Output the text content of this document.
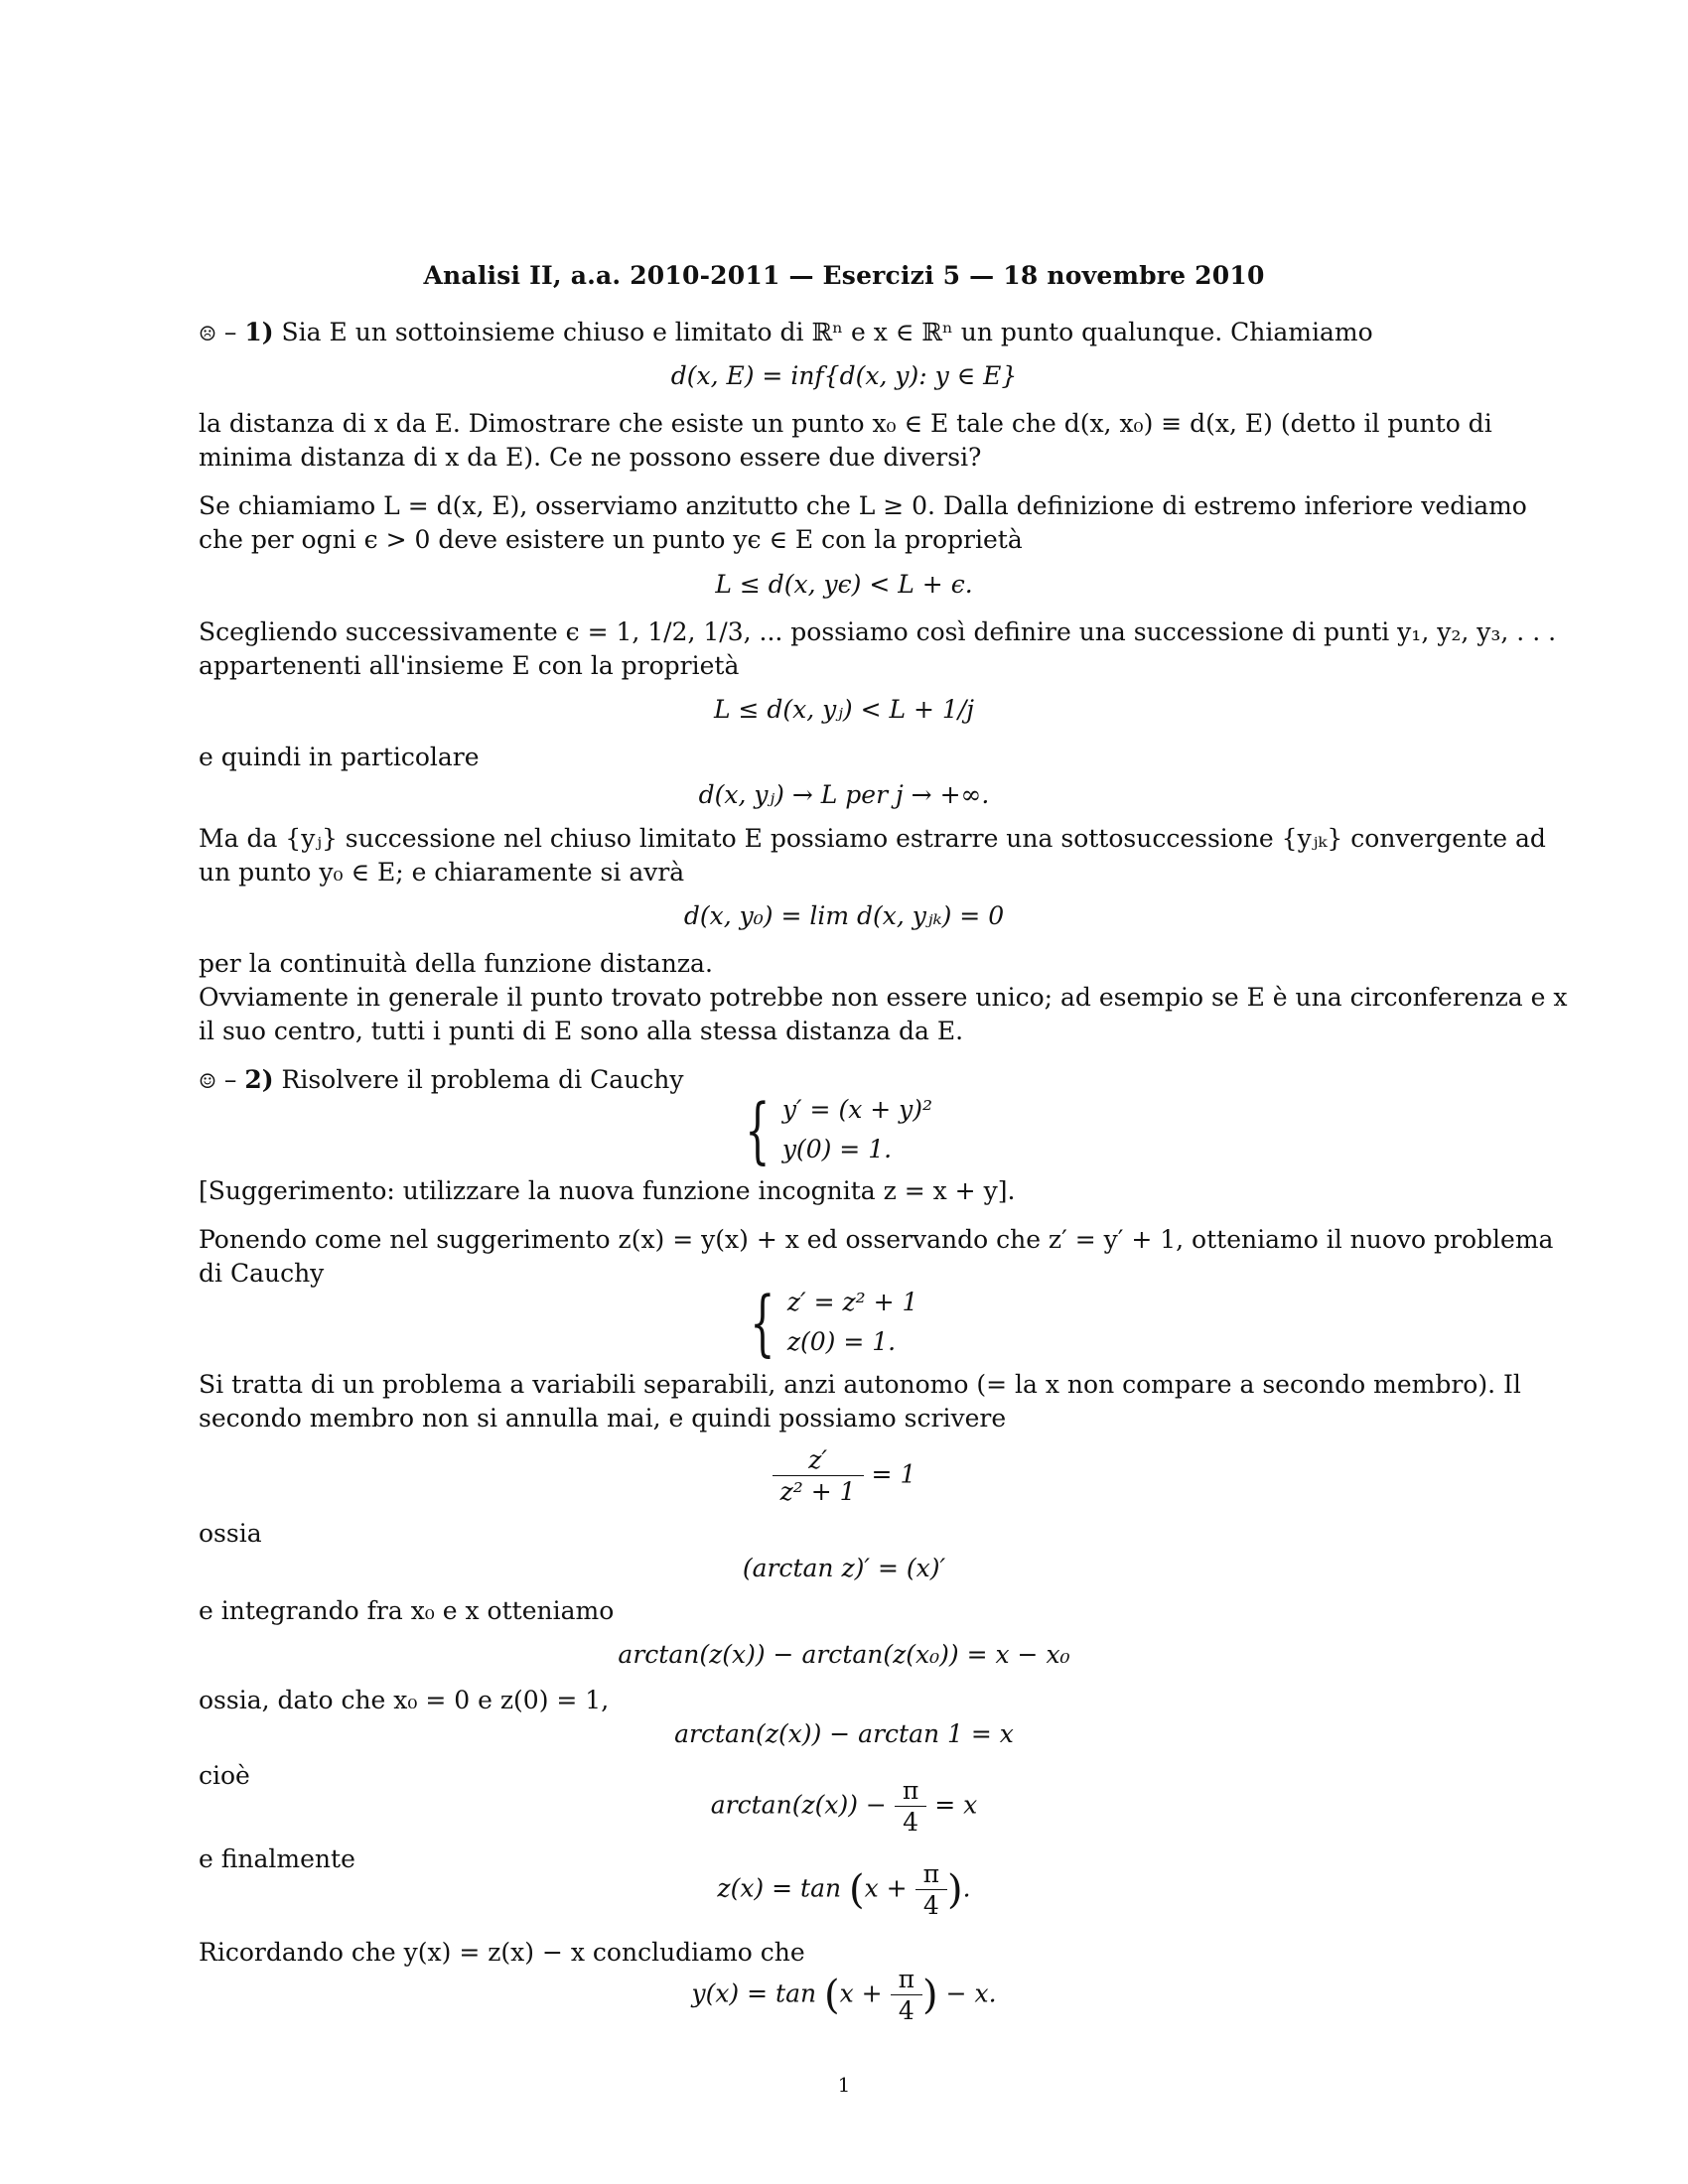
Analisi II, a.a. 2010-2011 — Esercizi 5 — 18 novembre 2010
☹ – 1) Sia E un sottoinsieme chiuso e limitato di ℝⁿ e x ∈ ℝⁿ un punto qualunque. Chiamiamo
d(x, E) = inf{d(x, y): y ∈ E}
la distanza di x da E. Dimostrare che esiste un punto x₀ ∈ E tale che d(x, x₀) ≡ d(x, E) (detto il punto di
minima distanza di x da E). Ce ne possono essere due diversi?
Se chiamiamo L = d(x, E), osserviamo anzitutto che L ≥ 0. Dalla definizione di estremo inferiore vediamo
che per ogni ϵ > 0 deve esistere un punto yϵ ∈ E con la proprietà
L ≤ d(x, yϵ) < L + ϵ.
Scegliendo successivamente ϵ = 1, 1/2, 1/3, ... possiamo così definire una successione di punti y₁, y₂, y₃, . . .
appartenenti all'insieme E con la proprietà
L ≤ d(x, yⱼ) < L + 1/j
e quindi in particolare
d(x, yⱼ) → L per j → +∞.
Ma da {yⱼ} successione nel chiuso limitato E possiamo estrarre una sottosuccessione {yⱼₖ} convergente ad
un punto y₀ ∈ E; e chiaramente si avrà
d(x, y₀) = lim d(x, yⱼₖ) = 0
per la continuità della funzione distanza.
Ovviamente in generale il punto trovato potrebbe non essere unico; ad esempio se E è una circonferenza e x
il suo centro, tutti i punti di E sono alla stessa distanza da E.
☺ – 2) Risolvere il problema di Cauchy
{ y′ = (x + y)²
y(0) = 1.
[Suggerimento: utilizzare la nuova funzione incognita z = x + y].
Ponendo come nel suggerimento z(x) = y(x) + x ed osservando che z′ = y′ + 1, otteniamo il nuovo problema
di Cauchy
{ z′ = z² + 1
z(0) = 1.
Si tratta di un problema a variabili separabili, anzi autonomo (= la x non compare a secondo membro). Il
secondo membro non si annulla mai, e quindi possiamo scrivere
$\frac{z'}{\text{z² + 1}} = 1$
ossia
(arctan z)′ = (x)′
e integrando fra x₀ e x otteniamo
arctan(z(x)) − arctan(z(x₀)) = x − x₀
ossia, dato che x₀ = 0 e z(0) = 1,
arctan(z(x)) − arctan 1 = x
cioè
$\arctan(z(x)) - \frac{\pi}{4} = x$
e finalmente
$z(x) = \tan (x + \frac{\pi}{4}$ ).
Ricordando che y(x) = z(x) − x concludiamo che
$y(x) = \tan (x + \frac{\pi}{4}$ ) − x.
1
